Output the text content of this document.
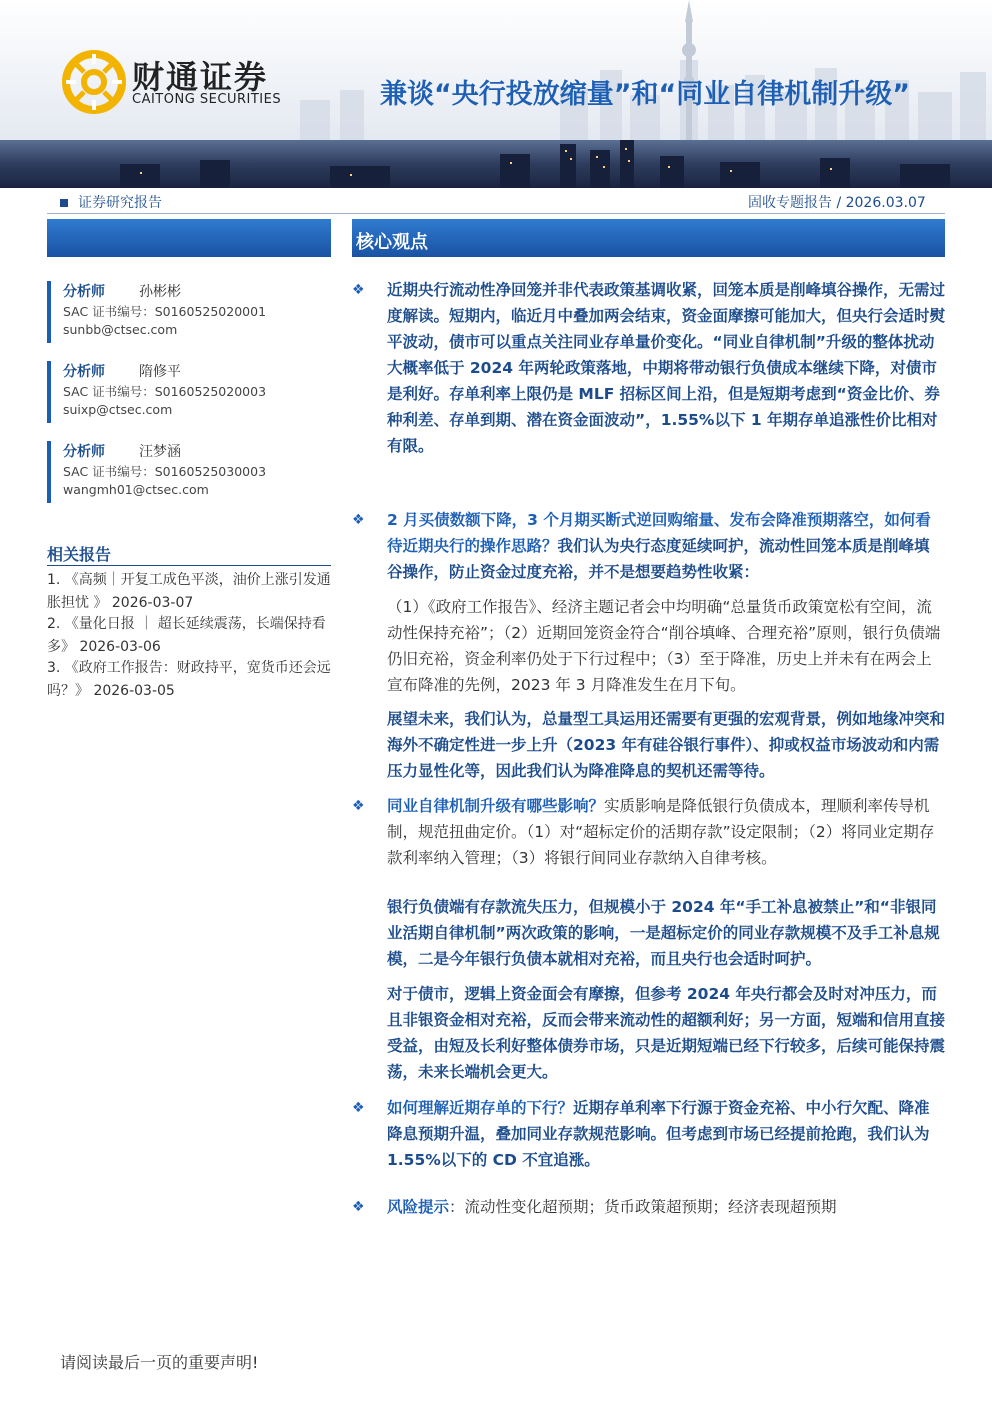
财通证券
CAITONG SECURITIES	兼谈“央行投放缩量”和“同业自律机制升级”
证券研究报告	固收专题报告 / 2026.03.07
核心观点
分析师 孙彬彬
SAC 证书编号：S0160525020001
sunbb@ctsec.com
分析师 隋修平
SAC 证书编号：S0160525020003
suixp@ctsec.com
分析师 汪梦涵
SAC 证书编号：S0160525030003
wangmh01@ctsec.com
相关报告
1. 《高频｜开复工成色平淡，油价上涨引发通胀担忧 》 2026-03-07
2. 《量化日报 ｜ 超长延续震荡，长端保持看多》 2026-03-06
3. 《政府工作报告：财政持平，宽货币还会远吗？》 2026-03-05
❖ 近期央行流动性净回笼并非代表政策基调收紧，回笼本质是削峰填谷操作，无需过度解读。短期内，临近月中叠加两会结束，资金面摩擦可能加大，但央行会适时熨平波动，债市可以重点关注同业存单量价变化。“同业自律机制”升级的整体扰动大概率低于 2024 年两轮政策落地，中期将带动银行负债成本继续下降，对债市是利好。存单利率上限仍是 MLF 招标区间上沿，但是短期考虑到“资金比价、券种利差、存单到期、潜在资金面波动”，1.55%以下 1 年期存单追涨性价比相对有限。
❖ 2 月买债数额下降，3 个月期买断式逆回购缩量、发布会降准预期落空，如何看待近期央行的操作思路？我们认为央行态度延续呵护，流动性回笼本质是削峰填谷操作，防止资金过度充裕，并不是想要趋势性收紧：
（1）《政府工作报告》、经济主题记者会中均明确“总量货币政策宽松有空间，流动性保持充裕”；（2）近期回笼资金符合“削谷填峰、合理充裕”原则，银行负债端仍旧充裕，资金利率仍处于下行过程中；（3）至于降准，历史上并未有在两会上宣布降准的先例，2023 年 3 月降准发生在月下旬。
展望未来，我们认为，总量型工具运用还需要有更强的宏观背景，例如地缘冲突和海外不确定性进一步上升（2023 年有硅谷银行事件）、抑或权益市场波动和内需压力显性化等，因此我们认为降准降息的契机还需等待。
❖ 同业自律机制升级有哪些影响？实质影响是降低银行负债成本，理顺利率传导机制，规范扭曲定价。（1）对“超标定价的活期存款”设定限制；（2）将同业定期存款利率纳入管理；（3）将银行间同业存款纳入自律考核。
银行负债端有存款流失压力，但规模小于 2024 年“手工补息被禁止”和“非银同业活期自律机制”两次政策的影响，一是超标定价的同业存款规模不及手工补息规模，二是今年银行负债本就相对充裕，而且央行也会适时呵护。
对于债市，逻辑上资金面会有摩擦，但参考 2024 年央行都会及时对冲压力，而且非银资金相对充裕，反而会带来流动性的超额利好；另一方面，短端和信用直接受益，由短及长利好整体债券市场，只是近期短端已经下行较多，后续可能保持震荡，未来长端机会更大。
❖ 如何理解近期存单的下行？近期存单利率下行源于资金充裕、中小行欠配、降准降息预期升温，叠加同业存款规范影响。但考虑到市场已经提前抢跑，我们认为 1.55%以下的 CD 不宜追涨。
❖ 风险提示：流动性变化超预期；货币政策超预期；经济表现超预期
请阅读最后一页的重要声明!
